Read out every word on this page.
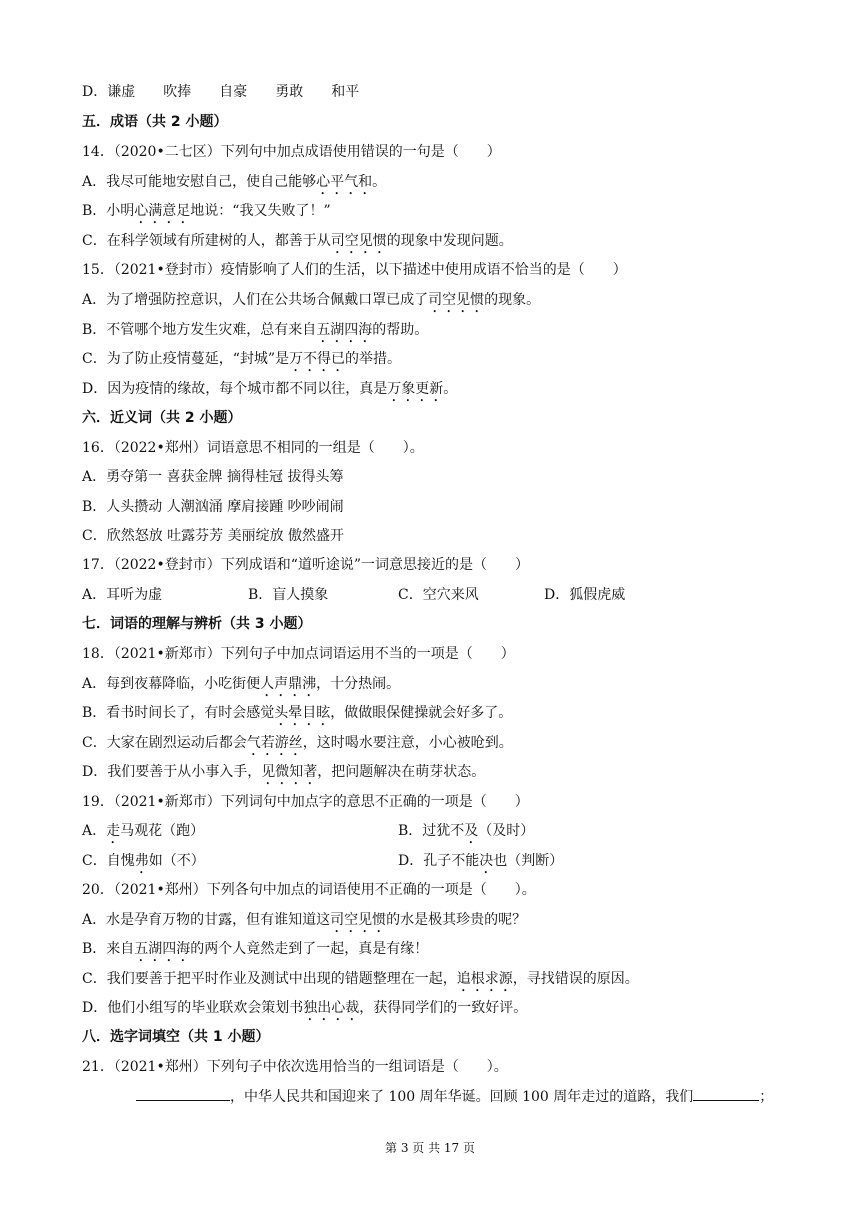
D．谦虚　　吹捧　　自豪　　勇敢　　和平
五．成语（共 2 小题）
14．（2020•二七区）下列句中加点成语使用错误的一句是（　　）
A．我尽可能地安慰自己，使自己能够心平气和。
B．小明心满意足地说：“我又失败了！”
C．在科学领域有所建树的人，都善于从司空见惯的现象中发现问题。
15．（2021•登封市）疫情影响了人们的生活，以下描述中使用成语不恰当的是（　　）
A．为了增强防控意识，人们在公共场合佩戴口罩已成了司空见惯的现象。
B．不管哪个地方发生灾难，总有来自五湖四海的帮助。
C．为了防止疫情蔓延，“封城”是万不得已的举措。
D．因为疫情的缘故，每个城市都不同以往，真是万象更新。
六．近义词（共 2 小题）
16．（2022•郑州）词语意思不相同的一组是（　　）。
A．勇夺第一 喜获金牌 摘得桂冠 拔得头筹
B．人头攒动 人潮汹涌 摩肩接踵 吵吵闹闹
C．欣然怒放 吐露芬芳 美丽绽放 傲然盛开
17．（2022•登封市）下列成语和“道听途说”一词意思接近的是（　　）
A．耳听为虚	B．盲人摸象	C．空穴来风	D．狐假虎威
七．词语的理解与辨析（共 3 小题）
18．（2021•新郑市）下列句子中加点词语运用不当的一项是（　　）
A．每到夜幕降临，小吃街便人声鼎沸，十分热闹。
B．看书时间长了，有时会感觉头晕目眩，做做眼保健操就会好多了。
C．大家在剧烈运动后都会气若游丝，这时喝水要注意，小心被呛到。
D．我们要善于从小事入手，见微知著，把问题解决在萌芽状态。
19．（2021•新郑市）下列词句中加点字的意思不正确的一项是（　　）
A．走马观花（跑）	B．过犹不及（及时）
C．自愧弗如（不）	D．孔子不能决也（判断）
20．（2021•郑州）下列各句中加点的词语使用不正确的一项是（　　）。
A．水是孕育万物的甘露，但有谁知道这司空见惯的水是极其珍贵的呢？
B．来自五湖四海的两个人竟然走到了一起，真是有缘！
C．我们要善于把平时作业及测试中出现的错题整理在一起，追根求源，寻找错误的原因。
D．他们小组写的毕业联欢会策划书独出心裁，获得同学们的一致好评。
八．选字词填空（共 1 小题）
21．（2021•郑州）下列句子中依次选用恰当的一组词语是（　　）。
，中华人民共和国迎来了 100 周年华诞。回顾 100 周年走过的道路，我们	；
第 3 页 共 17 页
